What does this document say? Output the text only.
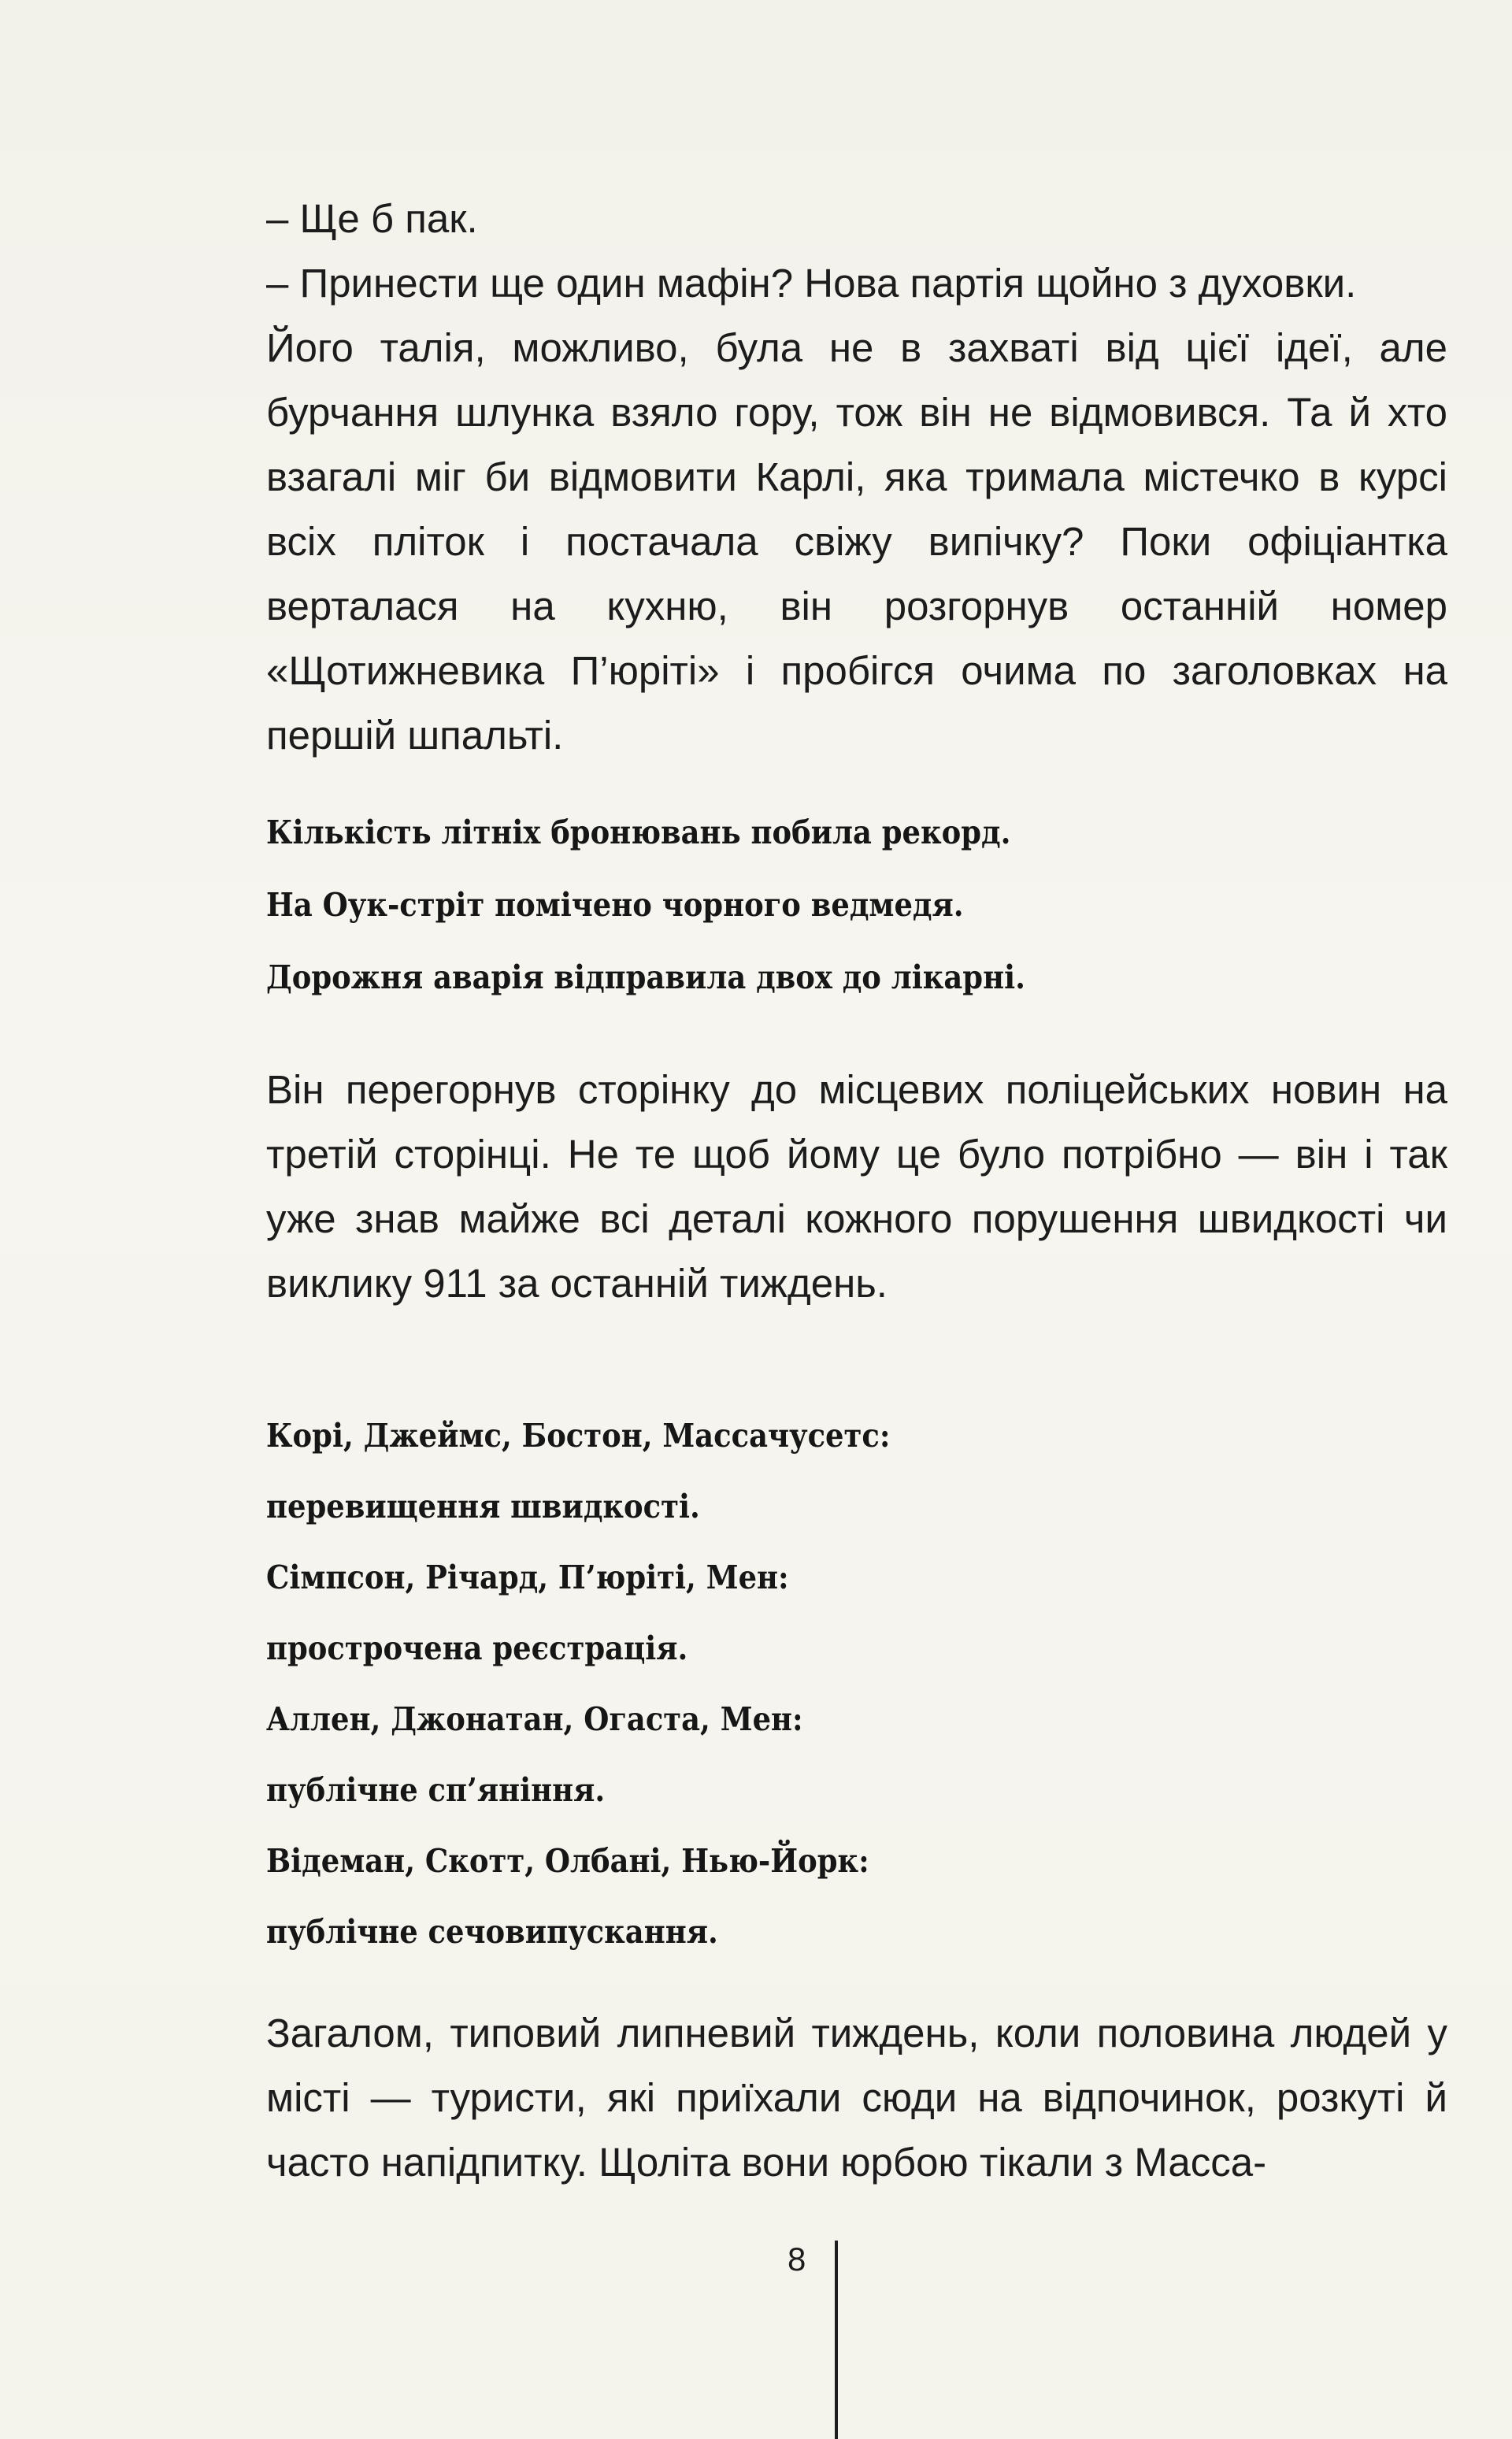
– Ще б пак.

– Принести ще один мафін? Нова партія щойно з духовки.

Його талія, можливо, була не в захваті від цієї ідеї, але бурчання шлунка взяло гору, тож він не відмовився. Та й хто взагалі міг би відмовити Карлі, яка тримала містечко в курсі всіх пліток і постачала свіжу випічку? Поки офіціантка верталася на кухню, він розгорнув останній номер «Щотижневика П’юріті» і пробігся очима по заголовках на першій шпальті.

Кількість літніх бронювань побила рекорд.

На Оук-стріт помічено чорного ведмедя.

Дорожня аварія відправила двох до лікарні.

Він перегорнув сторінку до місцевих поліцейських новин на третій сторінці. Не те щоб йому це було потрібно — він і так уже знав майже всі деталі кожного порушення швидкості чи виклику 911 за останній тиждень.

Корі, Джеймс, Бостон, Массачусетс:

перевищення швидкості.

Сімпсон, Річард, П’юріті, Мен:

прострочена реєстрація.

Аллен, Джонатан, Огаста, Мен:

публічне сп’яніння.

Відеман, Скотт, Олбані, Нью-Йорк:

публічне сечовипускання.

Загалом, типовий липневий тиждень, коли половина людей у місті — туристи, які приїхали сюди на відпочинок, розкуті й часто напідпитку. Щоліта вони юрбою тікали з Масса-

8
